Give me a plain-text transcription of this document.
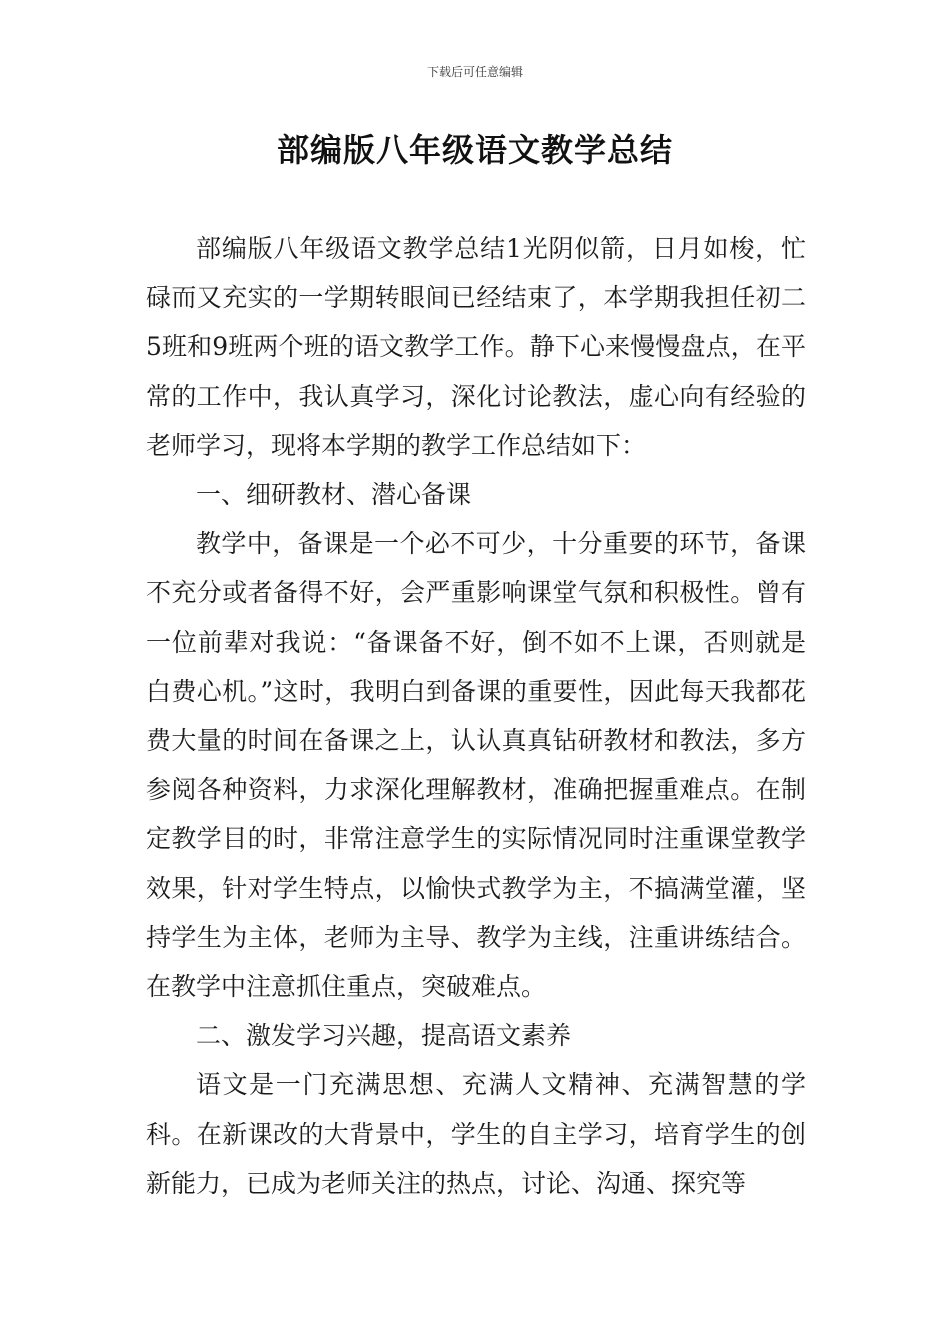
下载后可任意编辑
部编版八年级语文教学总结

部编版八年级语文教学总结1光阴似箭，日月如梭，忙碌而又充实的一学期转眼间已经结束了，本学期我担任初二5班和9班两个班的语文教学工作。静下心来慢慢盘点，在平常的工作中，我认真学习，深化讨论教法，虚心向有经验的老师学习，现将本学期的教学工作总结如下：

一、细研教材、潜心备课

教学中，备课是一个必不可少，十分重要的环节，备课不充分或者备得不好，会严重影响课堂气氛和积极性。曾有一位前辈对我说：“备课备不好，倒不如不上课，否则就是白费心机。”这时，我明白到备课的重要性，因此每天我都花费大量的时间在备课之上，认认真真钻研教材和教法，多方参阅各种资料，力求深化理解教材，准确把握重难点。在制定教学目的时，非常注意学生的实际情况同时注重课堂教学效果，针对学生特点，以愉快式教学为主，不搞满堂灌，坚持学生为主体，老师为主导、教学为主线，注重讲练结合。在教学中注意抓住重点，突破难点。

二、激发学习兴趣，提高语文素养

语文是一门充满思想、充满人文精神、充满智慧的学科。在新课改的大背景中，学生的自主学习，培育学生的创新能力，已成为老师关注的热点，讨论、沟通、探究等
